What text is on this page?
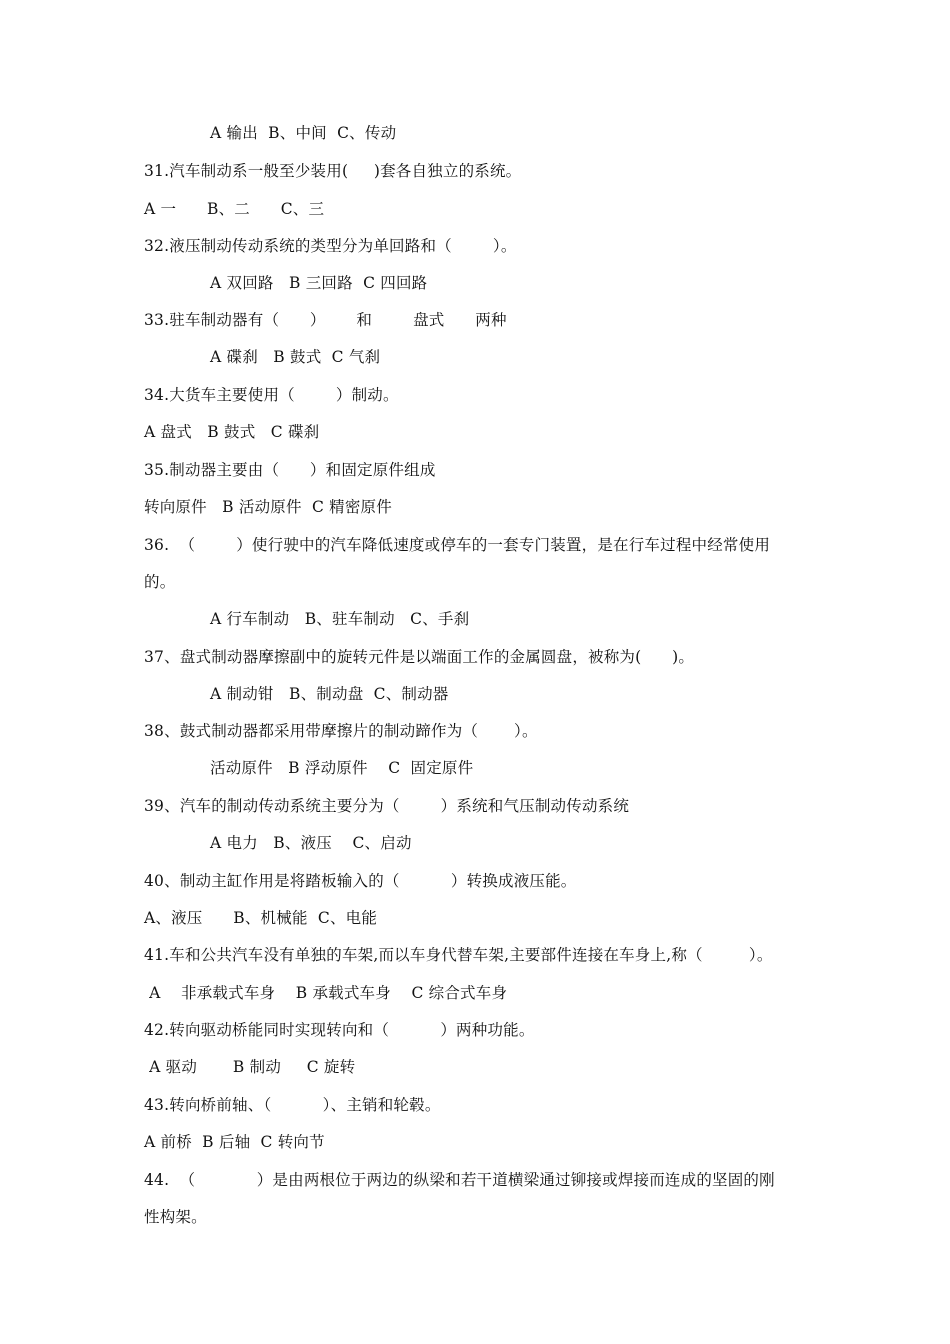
A 输出  B、中间  C、传动
31.汽车制动系一般至少装用(     )套各自独立的系统。
A 一      B、二      C、三
32.液压制动传动系统的类型分为单回路和（        ）。
A 双回路   B 三回路  C 四回路
33.驻车制动器有（      ）      和        盘式      两种
A 碟刹   B 鼓式  C 气刹
34.大货车主要使用（        ）制动。
A 盘式   B 鼓式   C 碟刹
35.制动器主要由（      ）和固定原件组成
转向原件   B 活动原件  C 精密原件
36.  （        ）使行驶中的汽车降低速度或停车的一套专门装置，是在行车过程中经常使用
的。
A 行车制动   B、驻车制动   C、手刹
37、盘式制动器摩擦副中的旋转元件是以端面工作的金属圆盘，被称为(      )。
A 制动钳   B、制动盘  C、制动器
38、鼓式制动器都采用带摩擦片的制动蹄作为（       ）。
活动原件   B 浮动原件    C  固定原件
39、汽车的制动传动系统主要分为（        ）系统和气压制动传动系统
A 电力   B、液压    C、启动
40、制动主缸作用是将踏板输入的（          ）转换成液压能。
A、液压      B、机械能  C、电能
41.车和公共汽车没有单独的车架,而以车身代替车架,主要部件连接在车身上,称（         ）。
A    非承载式车身    B 承载式车身    C 综合式车身
42.转向驱动桥能同时实现转向和（          ）两种功能。
A 驱动       B 制动     C 旋转
43.转向桥前轴、（          ）、主销和轮毂。
A 前桥  B 后轴  C 转向节
44.  （            ）是由两根位于两边的纵梁和若干道横梁通过铆接或焊接而连成的坚固的刚
性构架。
